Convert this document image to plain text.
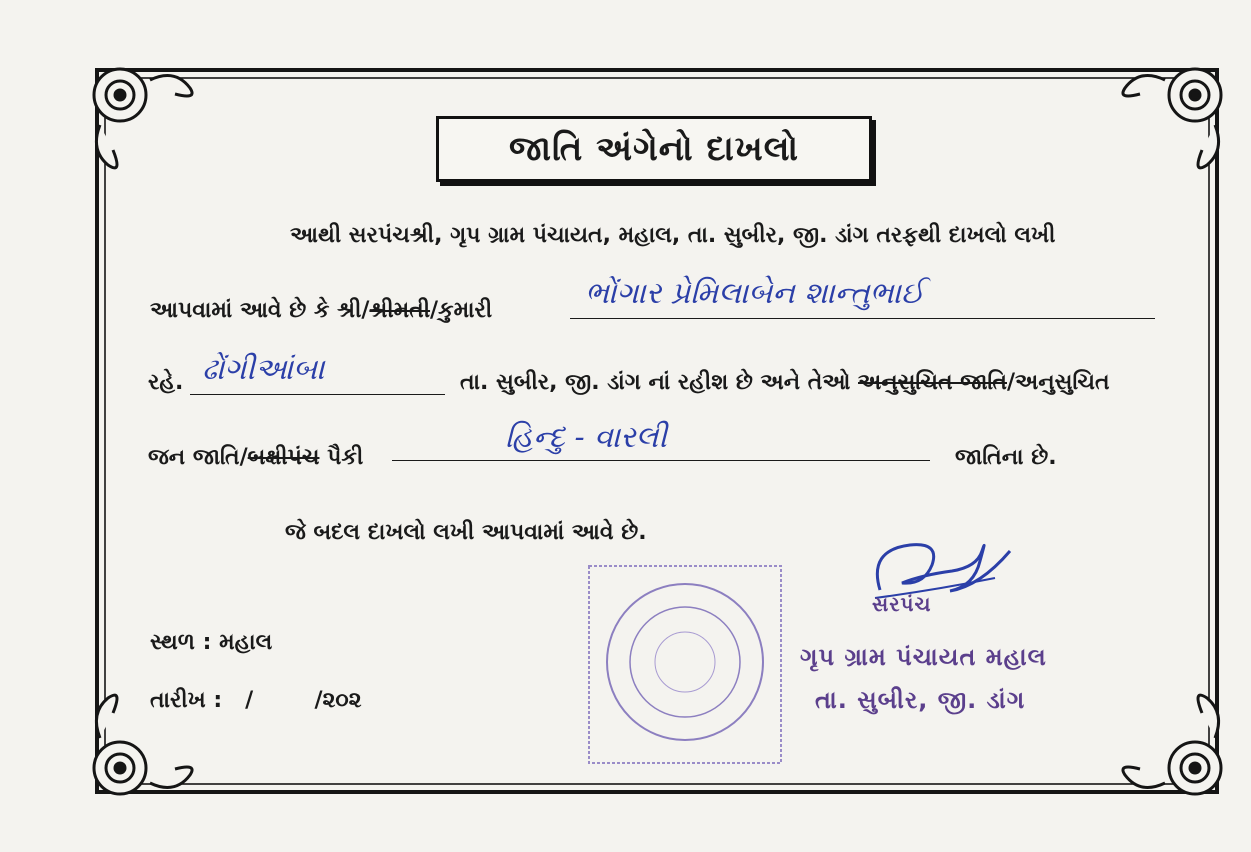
જાતિ અંગેનો દાખલો
આથી સરપંચશ્રી, ગૃપ ગ્રામ પંચાયત, મહાલ, તા. સુબીર, જી. ડાંગ તરફથી દાખલો લખી
આપવામાં આવે છે કે શ્રી/શ્રીમતી/કુમારી	ભોંગાર પ્રેમિલાબેન શાન્તુભાઈ
રહે. ઢોંગીઆંબા	તા. સુબીર, જી. ડાંગ નાં રહીશ છે અને તેઓ અનુસુચિત જાતિ/અનુસુચિત
જન જાતિ/બક્ષીપંચ પૈકી
હિન્દુ - વારલી
જાતિના છે.
જે બદલ દાખલો લખી આપવામાં આવે છે.
સ્થળ : મહાલ
તારીખ : /        /૨૦૨
સરપંચ
ગૃપ ગ્રામ પંચાયત મહાલ
તા. સુબીર, જી. ડાંગ
